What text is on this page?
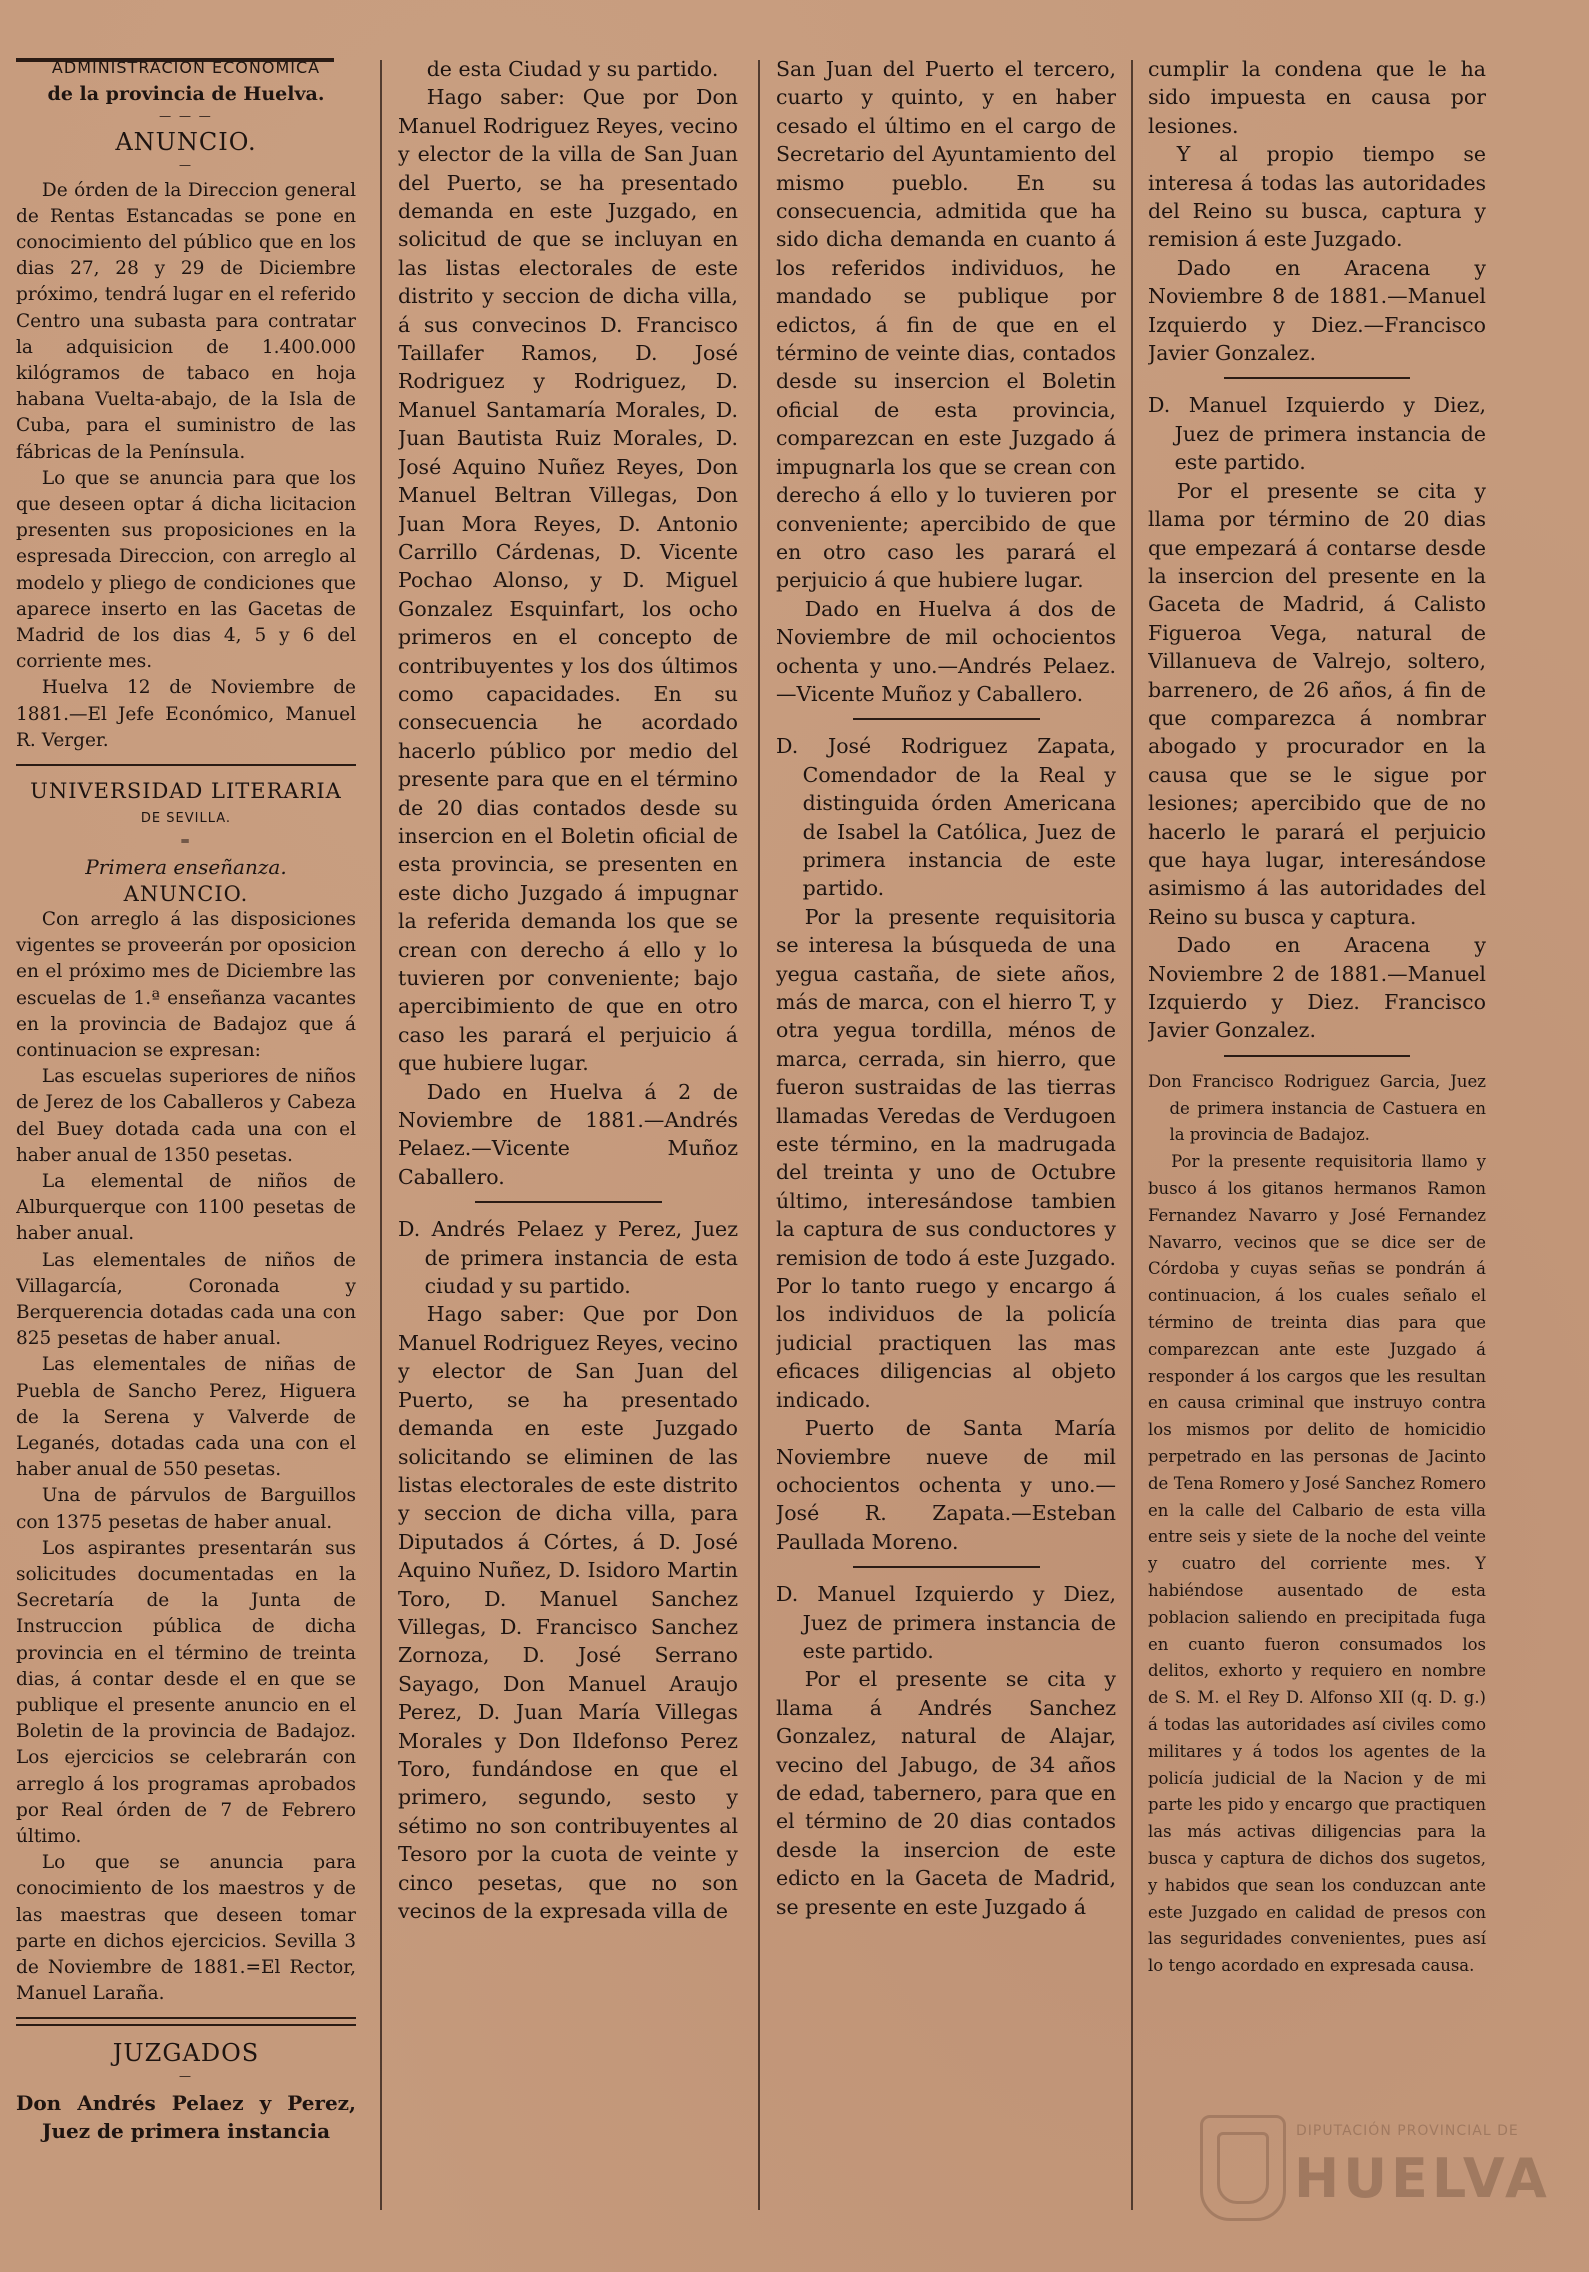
ADMINISTRACION ECONOMICA

de la provincia de Huelva.

— — —

ANUNCIO.

—

De órden de la Direccion general de Rentas Estancadas se pone en conocimiento del público que en los dias 27, 28 y 29 de Diciembre próximo, tendrá lugar en el referido Centro una subasta para contratar la adquisicion de 1.400.000 kilógramos de tabaco en hoja habana Vuelta-abajo, de la Isla de Cuba, para el suministro de las fábricas de la Península.

Lo que se anuncia para que los que deseen optar á dicha licitacion presenten sus proposiciones en la espresada Direccion, con arreglo al modelo y pliego de condiciones que aparece inserto en las Gacetas de Madrid de los dias 4, 5 y 6 del corriente mes.

Huelva 12 de Noviembre de 1881.—El Jefe Económico, Manuel R. Verger.

UNIVERSIDAD LITERARIA

DE SEVILLA.

═

Primera enseñanza.

ANUNCIO.

Con arreglo á las disposiciones vigentes se proveerán por oposicion en el próximo mes de Diciembre las escuelas de 1.ª enseñanza vacantes en la provincia de Badajoz que á continuacion se expresan:

Las escuelas superiores de niños de Jerez de los Caballeros y Cabeza del Buey dotada cada una con el haber anual de 1350 pesetas.

La elemental de niños de Alburquerque con 1100 pesetas de haber anual.

Las elementales de niños de Villagarcía, Coronada y Berquerencia dotadas cada una con 825 pesetas de haber anual.

Las elementales de niñas de Puebla de Sancho Perez, Higuera de la Serena y Valverde de Leganés, dotadas cada una con el haber anual de 550 pesetas.

Una de párvulos de Barguillos con 1375 pesetas de haber anual.

Los aspirantes presentarán sus solicitudes documentadas en la Secretaría de la Junta de Instruccion pública de dicha provincia en el término de treinta dias, á contar desde el en que se publique el presente anuncio en el Boletin de la provincia de Badajoz. Los ejercicios se celebrarán con arreglo á los programas aprobados por Real órden de 7 de Febrero último.

Lo que se anuncia para conocimiento de los maestros y de las maestras que deseen tomar parte en dichos ejercicios. Sevilla 3 de Noviembre de 1881.=El Rector, Manuel Laraña.

JUZGADOS

—

Don Andrés Pelaez y Perez, Juez de primera instancia

de esta Ciudad y su partido.

Hago saber: Que por Don Manuel Rodriguez Reyes, vecino y elector de la villa de San Juan del Puerto, se ha presentado demanda en este Juzgado, en solicitud de que se incluyan en las listas electorales de este distrito y seccion de dicha villa, á sus convecinos D. Francisco Taillafer Ramos, D. José Rodriguez y Rodriguez, D. Manuel Santamaría Morales, D. Juan Bautista Ruiz Morales, D. José Aquino Nuñez Reyes, Don Manuel Beltran Villegas, Don Juan Mora Reyes, D. Antonio Carrillo Cárdenas, D. Vicente Pochao Alonso, y D. Miguel Gonzalez Esquinfart, los ocho primeros en el concepto de contribuyentes y los dos últimos como capacidades. En su consecuencia he acordado hacerlo público por medio del presente para que en el término de 20 dias contados desde su insercion en el Boletin oficial de esta provincia, se presenten en este dicho Juzgado á impugnar la referida demanda los que se crean con derecho á ello y lo tuvieren por conveniente; bajo apercibimiento de que en otro caso les parará el perjuicio á que hubiere lugar.

Dado en Huelva á 2 de Noviembre de 1881.—Andrés Pelaez.—Vicente Muñoz Caballero.

D. Andrés Pelaez y Perez, Juez de primera instancia de esta ciudad y su partido.

Hago saber: Que por Don Manuel Rodriguez Reyes, vecino y elector de San Juan del Puerto, se ha presentado demanda en este Juzgado solicitando se eliminen de las listas electorales de este distrito y seccion de dicha villa, para Diputados á Córtes, á D. José Aquino Nuñez, D. Isidoro Martin Toro, D. Manuel Sanchez Villegas, D. Francisco Sanchez Zornoza, D. José Serrano Sayago, Don Manuel Araujo Perez, D. Juan María Villegas Morales y Don Ildefonso Perez Toro, fundándose en que el primero, segundo, sesto y sétimo no son contribuyentes al Tesoro por la cuota de veinte y cinco pesetas, que no son vecinos de la expresada villa de

San Juan del Puerto el tercero, cuarto y quinto, y en haber cesado el último en el cargo de Secretario del Ayuntamiento del mismo pueblo. En su consecuencia, admitida que ha sido dicha demanda en cuanto á los referidos individuos, he mandado se publique por edictos, á fin de que en el término de veinte dias, contados desde su insercion el Boletin oficial de esta provincia, comparezcan en este Juzgado á impugnarla los que se crean con derecho á ello y lo tuvieren por conveniente; apercibido de que en otro caso les parará el perjuicio á que hubiere lugar.

Dado en Huelva á dos de Noviembre de mil ochocientos ochenta y uno.—Andrés Pelaez.—Vicente Muñoz y Caballero.

D. José Rodriguez Zapata, Comendador de la Real y distinguida órden Americana de Isabel la Católica, Juez de primera instancia de este partido.

Por la presente requisitoria se interesa la búsqueda de una yegua castaña, de siete años, más de marca, con el hierro T, y otra yegua tordilla, ménos de marca, cerrada, sin hierro, que fueron sustraidas de las tierras llamadas Veredas de Verdugoen este término, en la madrugada del treinta y uno de Octubre último, interesándose tambien la captura de sus conductores y remision de todo á este Juzgado. Por lo tanto ruego y encargo á los individuos de la policía judicial practiquen las mas eficaces diligencias al objeto indicado.

Puerto de Santa María Noviembre nueve de mil ochocientos ochenta y uno.—José R. Zapata.—Esteban Paullada Moreno.

D. Manuel Izquierdo y Diez, Juez de primera instancia de este partido.

Por el presente se cita y llama á Andrés Sanchez Gonzalez, natural de Alajar, vecino del Jabugo, de 34 años de edad, tabernero, para que en el término de 20 dias contados desde la insercion de este edicto en la Gaceta de Madrid, se presente en este Juzgado á

cumplir la condena que le ha sido impuesta en causa por lesiones.

Y al propio tiempo se interesa á todas las autoridades del Reino su busca, captura y remision á este Juzgado.

Dado en Aracena y Noviembre 8 de 1881.—Manuel Izquierdo y Diez.—Francisco Javier Gonzalez.

D. Manuel Izquierdo y Diez, Juez de primera instancia de este partido.

Por el presente se cita y llama por término de 20 dias que empezará á contarse desde la insercion del presente en la Gaceta de Madrid, á Calisto Figueroa Vega, natural de Villanueva de Valrejo, soltero, barrenero, de 26 años, á fin de que comparezca á nombrar abogado y procurador en la causa que se le sigue por lesiones; apercibido que de no hacerlo le parará el perjuicio que haya lugar, interesándose asimismo á las autoridades del Reino su busca y captura.

Dado en Aracena y Noviembre 2 de 1881.—Manuel Izquierdo y Diez. Francisco Javier Gonzalez.

Don Francisco Rodriguez Garcia, Juez de primera instancia de Castuera en la provincia de Badajoz.

Por la presente requisitoria llamo y busco á los gitanos hermanos Ramon Fernandez Navarro y José Fernandez Navarro, vecinos que se dice ser de Córdoba y cuyas señas se pondrán á continuacion, á los cuales señalo el término de treinta dias para que comparezcan ante este Juzgado á responder á los cargos que les resultan en causa criminal que instruyo contra los mismos por delito de homicidio perpetrado en las personas de Jacinto de Tena Romero y José Sanchez Romero en la calle del Calbario de esta villa entre seis y siete de la noche del veinte y cuatro del corriente mes. Y habiéndose ausentado de esta poblacion saliendo en precipitada fuga en cuanto fueron consumados los delitos, exhorto y requiero en nombre de S. M. el Rey D. Alfonso XII (q. D. g.) á todas las autoridades así civiles como militares y á todos los agentes de la policía judicial de la Nacion y de mi parte les pido y encargo que practiquen las más activas diligencias para la busca y captura de dichos dos sugetos, y habidos que sean los conduzcan ante este Juzgado en calidad de presos con las seguridades convenientes, pues así lo tengo acordado en expresada causa.

DIPUTACIÓN PROVINCIAL DE
HUELVA
